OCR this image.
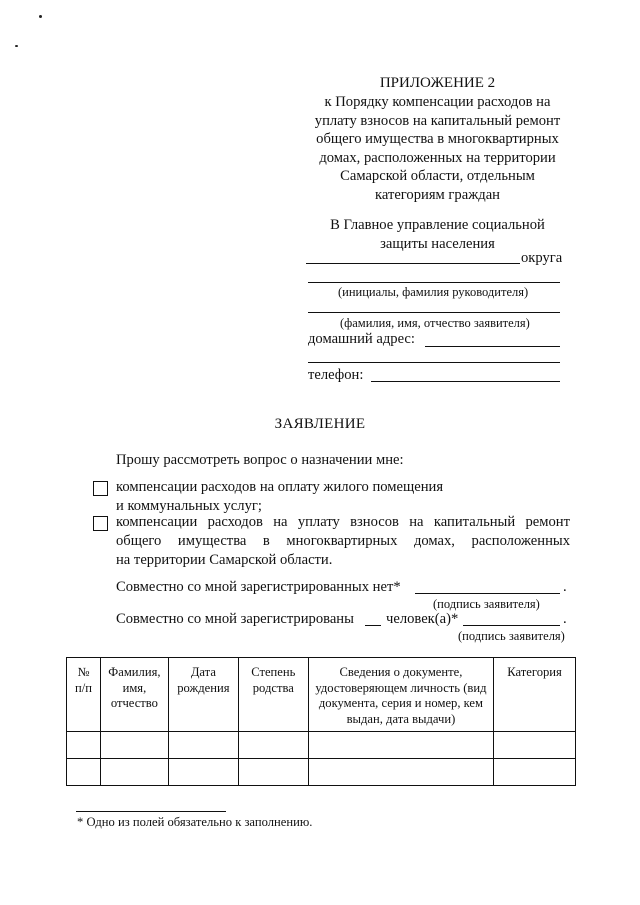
ПРИЛОЖЕНИЕ 2
к Порядку компенсации расходов на
уплату взносов на капитальный ремонт
общего имущества в многоквартирных
домах, расположенных на территории
Самарской области, отдельным
категориям граждан
В Главное управление социальной
защиты населения
округа
(инициалы, фамилия руководителя)
(фамилия, имя, отчество заявителя)
домашний адрес:
телефон:
ЗАЯВЛЕНИЕ
Прошу рассмотреть вопрос о назначении мне:
компенсации расходов на оплату жилого помещения
и коммунальных услуг;
компенсации расходов на уплату взносов на капитальный ремонт
общего имущества в многоквартирных домах, расположенных
на территории Самарской области.
Совместно со мной зарегистрированных нет*	.
(подпись заявителя)
Совместно со мной зарегистрированы человек(а)*	.
(подпись заявителя)
№ п/п	Фамилия, имя, отчество	Дата рождения	Степень родства	Сведения о документе, удостоверяющем личность (вид документа, серия и номер, кем выдан, дата выдачи)	Категория

* Одно из полей обязательно к заполнению.
